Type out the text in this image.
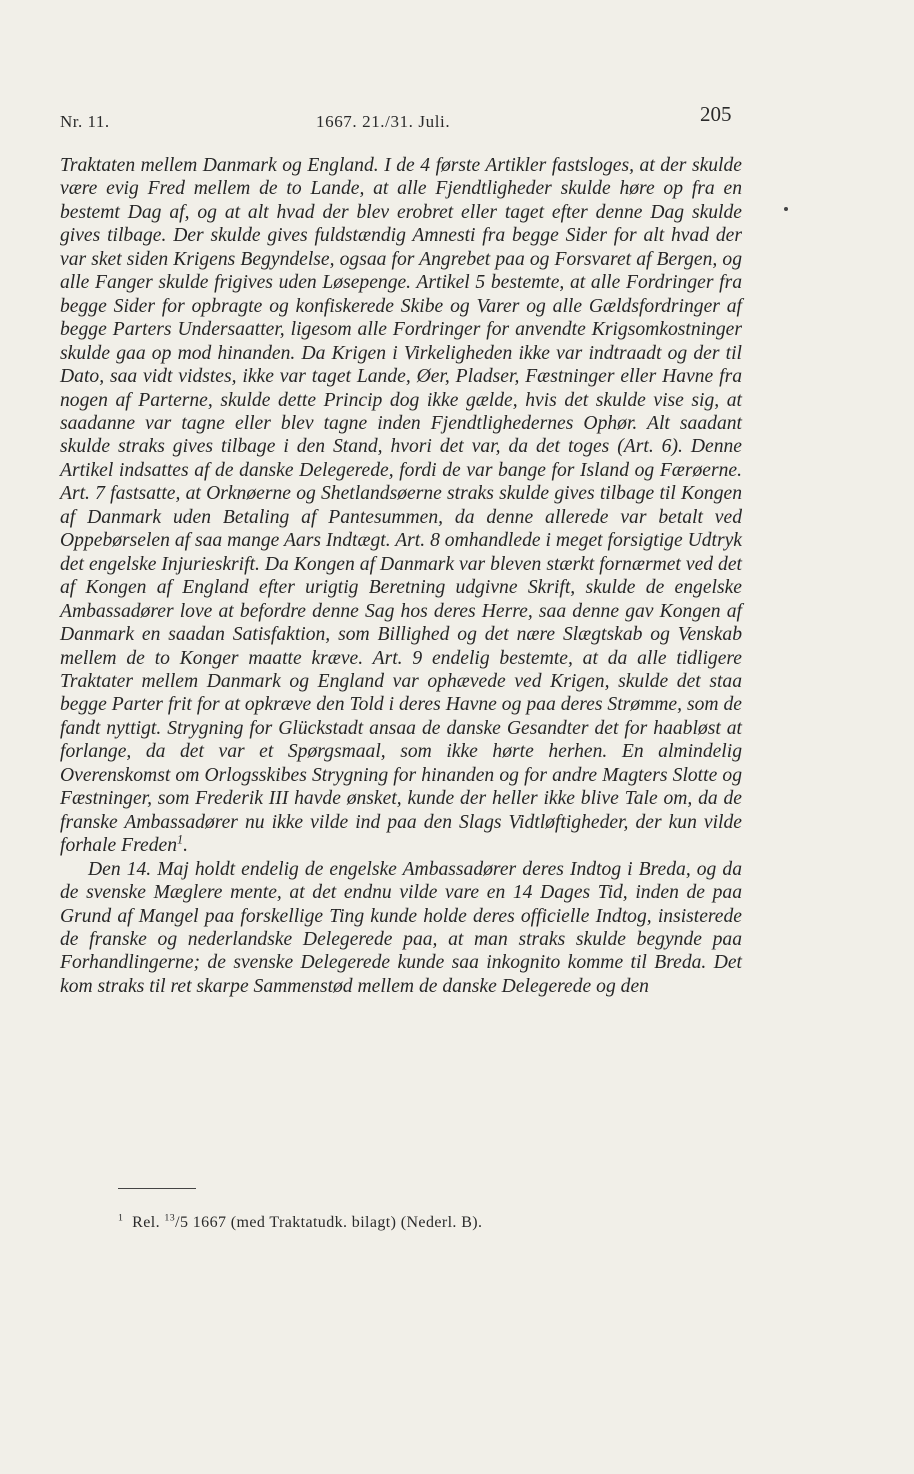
Nr. 11.	1667. 21./31. Juli.	205

Traktaten mellem Danmark og England. I de 4 første Artikler fastsloges, at der skulde være evig Fred mellem de to Lande, at alle Fjendtligheder skulde høre op fra en bestemt Dag af, og at alt hvad der blev erobret eller taget efter denne Dag skulde gives tilbage. Der skulde gives fuldstændig Amnesti fra begge Sider for alt hvad der var sket siden Krigens Begyndelse, ogsaa for Angrebet paa og Forsvaret af Bergen, og alle Fanger skulde frigives uden Løsepenge. Artikel 5 bestemte, at alle Fordringer fra begge Sider for opbragte og konfiskerede Skibe og Varer og alle Gældsfordringer af begge Parters Undersaatter, ligesom alle Fordringer for anvendte Krigsomkostninger skulde gaa op mod hinanden. Da Krigen i Virkeligheden ikke var indtraadt og der til Dato, saa vidt vidstes, ikke var taget Lande, Øer, Pladser, Fæstninger eller Havne fra nogen af Parterne, skulde dette Princip dog ikke gælde, hvis det skulde vise sig, at saadanne var tagne eller blev tagne inden Fjendtlighedernes Ophør. Alt saadant skulde straks gives tilbage i den Stand, hvori det var, da det toges (Art. 6). Denne Artikel indsattes af de danske Delegerede, fordi de var bange for Island og Færøerne. Art. 7 fastsatte, at Orknøerne og Shetlandsøerne straks skulde gives tilbage til Kongen af Danmark uden Betaling af Pantesummen, da denne allerede var betalt ved Oppebørselen af saa mange Aars Indtægt. Art. 8 omhandlede i meget forsigtige Udtryk det engelske Injurieskrift. Da Kongen af Danmark var bleven stærkt fornærmet ved det af Kongen af England efter urigtig Beretning udgivne Skrift, skulde de engelske Ambassadører love at befordre denne Sag hos deres Herre, saa denne gav Kongen af Danmark en saadan Satisfaktion, som Billighed og det nære Slægtskab og Venskab mellem de to Konger maatte kræve. Art. 9 endelig bestemte, at da alle tidligere Traktater mellem Danmark og England var ophævede ved Krigen, skulde det staa begge Parter frit for at opkræve den Told i deres Havne og paa deres Strømme, som de fandt nyttigt. Strygning for Glückstadt ansaa de danske Gesandter det for haabløst at forlange, da det var et Spørgsmaal, som ikke hørte herhen. En almindelig Overenskomst om Orlogsskibes Strygning for hinanden og for andre Magters Slotte og Fæstninger, som Frederik III havde ønsket, kunde der heller ikke blive Tale om, da de franske Ambassadører nu ikke vilde ind paa den Slags Vidtløftigheder, der kun vilde forhale Freden$^1$.

Den 14. Maj holdt endelig de engelske Ambassadører deres Indtog i Breda, og da de svenske Mæglere mente, at det endnu vilde vare en 14 Dages Tid, inden de paa Grund af Mangel paa forskellige Ting kunde holde deres officielle Indtog, insisterede de franske og nederlandske Delegerede paa, at man straks skulde begynde paa Forhandlingerne; de svenske Delegerede kunde saa inkognito komme til Breda. Det kom straks til ret skarpe Sammenstød mellem de danske Delegerede og den

$^1$ Rel. $^{13}$/5 1667 (med Traktatudk. bilagt) (Nederl. B).
